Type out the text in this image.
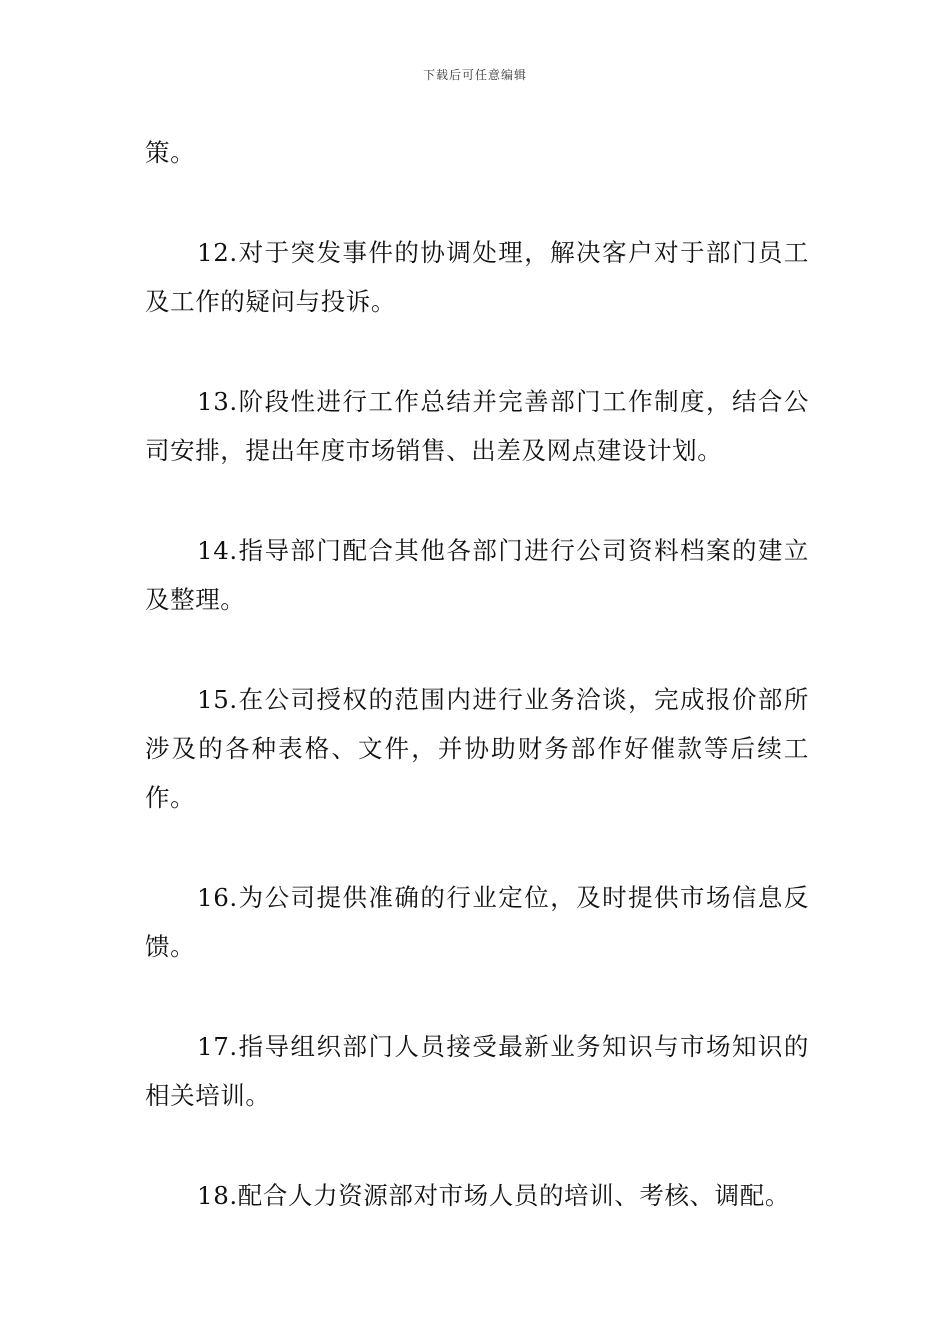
下载后可任意编辑

策。

12.对于突发事件的协调处理，解决客户对于部门员工及工作的疑问与投诉。

13.阶段性进行工作总结并完善部门工作制度，结合公司安排，提出年度市场销售、出差及网点建设计划。

14.指导部门配合其他各部门进行公司资料档案的建立及整理。

15.在公司授权的范围内进行业务洽谈，完成报价部所涉及的各种表格、文件，并协助财务部作好催款等后续工作。

16.为公司提供准确的行业定位，及时提供市场信息反馈。

17.指导组织部门人员接受最新业务知识与市场知识的相关培训。

18.配合人力资源部对市场人员的培训、考核、调配。
